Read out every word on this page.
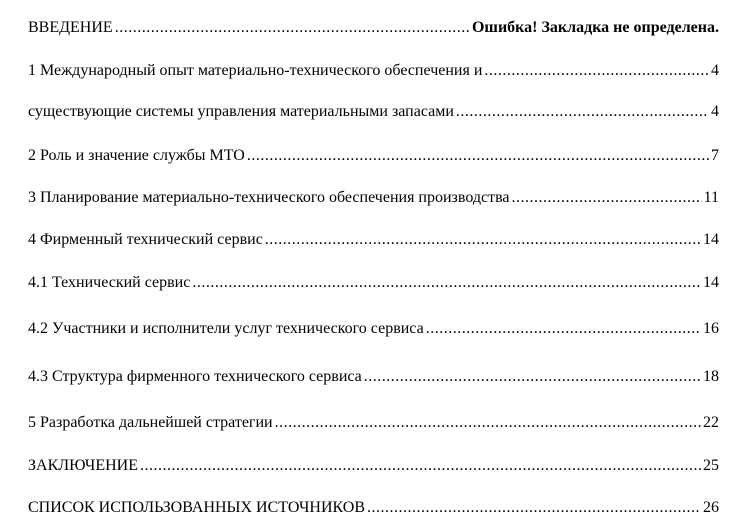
ВВЕДЕНИЕ .....	Ошибка! Закладка не определена.
1 Международный опыт материально-технического обеспечения и .....	4
существующие системы управления материальными запасами .....	4
2 Роль и значение службы МТО .....	7
3 Планирование материально-технического обеспечения производства .....	11
4 Фирменный технический сервис .....	14
4.1 Технический сервис .....	14
4.2 Участники и исполнители услуг технического сервиса .....	16
4.3 Структура фирменного технического сервиса .....	18
5 Разработка дальнейшей стратегии .....	22
ЗАКЛЮЧЕНИЕ .....	25
СПИСОК ИСПОЛЬЗОВАННЫХ ИСТОЧНИКОВ .....	26
